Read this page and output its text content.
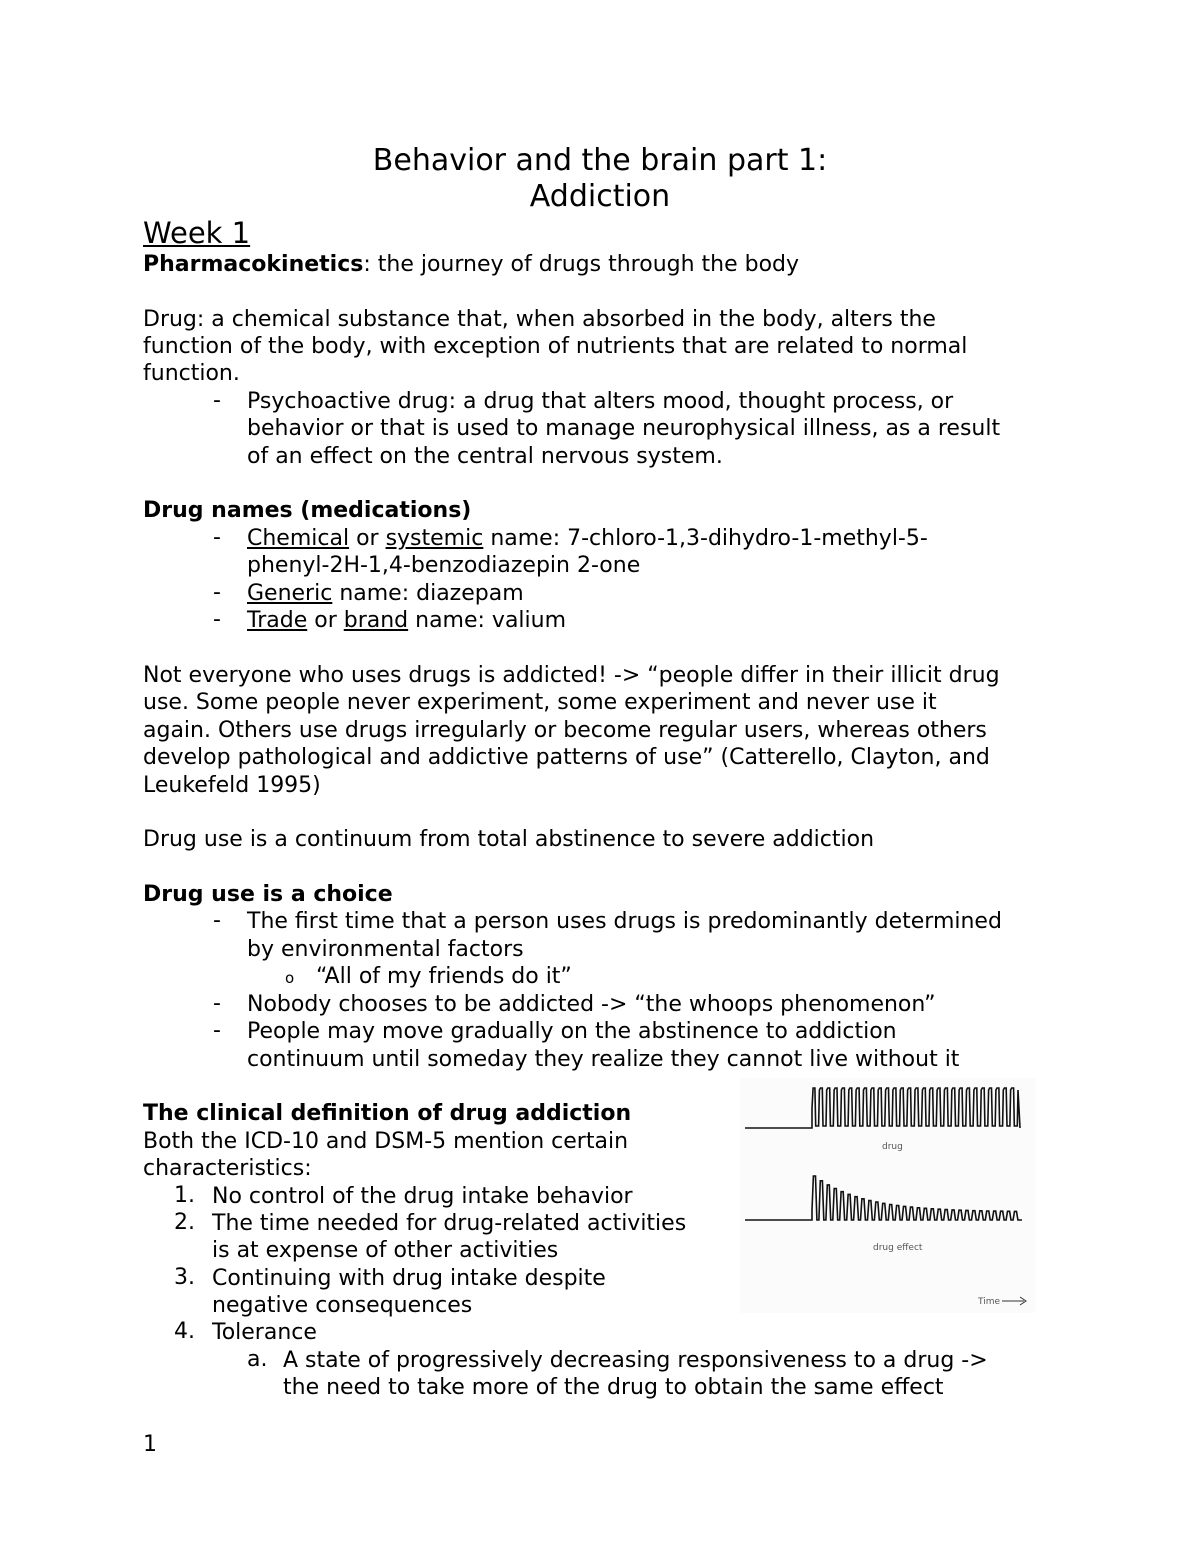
Behavior and the brain part 1:
Addiction
Week 1
Pharmacokinetics: the journey of drugs through the body
Drug: a chemical substance that, when absorbed in the body, alters the
function of the body, with exception of nutrients that are related to normal
function.
- Psychoactive drug: a drug that alters mood, thought process, or
behavior or that is used to manage neurophysical illness, as a result
of an effect on the central nervous system.
Drug names (medications)
- Chemical or systemic name: 7-chloro-1,3-dihydro-1-methyl-5-
phenyl-2H-1,4-benzodiazepin 2-one
- Generic name: diazepam
- Trade or brand name: valium
Not everyone who uses drugs is addicted! -> “people differ in their illicit drug
use. Some people never experiment, some experiment and never use it
again. Others use drugs irregularly or become regular users, whereas others
develop pathological and addictive patterns of use” (Catterello, Clayton, and
Leukefeld 1995)
Drug use is a continuum from total abstinence to severe addiction
Drug use is a choice
- The first time that a person uses drugs is predominantly determined
by environmental factors
o “All of my friends do it”
- Nobody chooses to be addicted -> “the whoops phenomenon”
- People may move gradually on the abstinence to addiction
continuum until someday they realize they cannot live without it
The clinical definition of drug addiction
Both the ICD-10 and DSM-5 mention certain
characteristics:
1. No control of the drug intake behavior
2. The time needed for drug-related activities
is at expense of other activities
3. Continuing with drug intake despite
negative consequences
4. Tolerance
a. A state of progressively decreasing responsiveness to a drug ->
the need to take more of the drug to obtain the same effect
drug
drug effect
Time
1
